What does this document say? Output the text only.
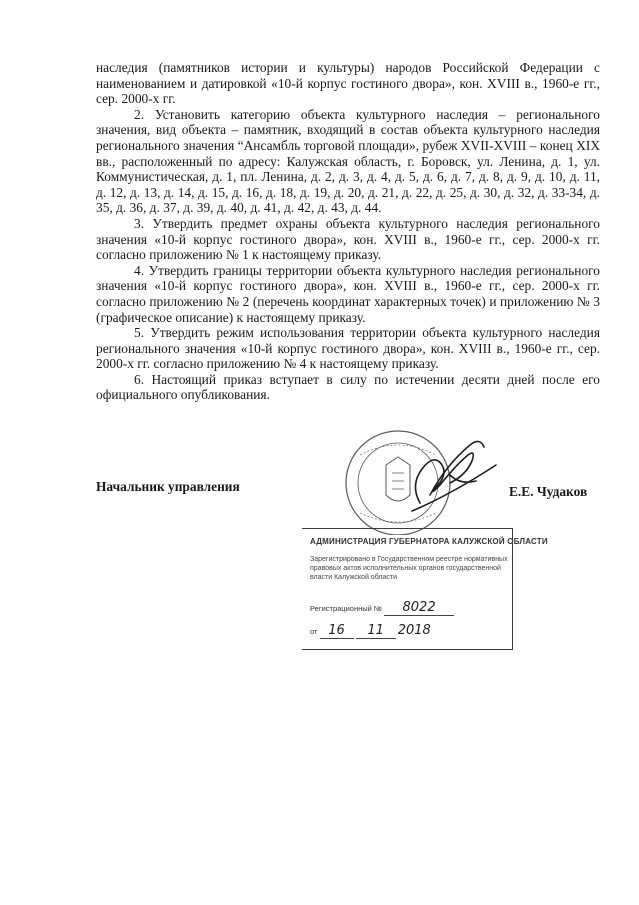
наследия (памятников истории и культуры) народов Российской Федерации с наименованием и датировкой «10-й корпус гостиного двора», кон. XVIII в., 1960-е гг., сер. 2000-х гг.

2. Установить категорию объекта культурного наследия – регионального значения, вид объекта – памятник, входящий в состав объекта культурного наследия регионального значения “Ансамбль торговой площади», рубеж XVII-XVIII – конец XIX вв., расположенный по адресу: Калужская область, г. Боровск, ул. Ленина, д. 1, ул. Коммунистическая, д. 1, пл. Ленина, д. 2, д. 3, д. 4, д. 5, д. 6, д. 7, д. 8, д. 9, д. 10, д. 11, д. 12, д. 13, д. 14, д. 15, д. 16, д. 18, д. 19, д. 20, д. 21, д. 22, д. 25, д. 30, д. 32, д. 33-34, д. 35, д. 36, д. 37, д. 39, д. 40, д. 41, д. 42, д. 43, д. 44.

3. Утвердить предмет охраны объекта культурного наследия регионального значения «10-й корпус гостиного двора», кон. XVIII в., 1960-е гг., сер. 2000-х гг. согласно приложению № 1 к настоящему приказу.

4. Утвердить границы территории объекта культурного наследия регионального значения «10-й корпус гостиного двора», кон. XVIII в., 1960-е гг., сер. 2000-х гг. согласно приложению № 2 (перечень координат характерных точек) и приложению № 3 (графическое описание) к настоящему приказу.

5. Утвердить режим использования территории объекта культурного наследия регионального значения «10-й корпус гостиного двора», кон. XVIII в., 1960-е гг., сер. 2000-х гг. согласно приложению № 4 к настоящему приказу.

6. Настоящий приказ вступает в силу по истечении десяти дней после его официального опубликования.

Начальник управления	Е.Е. Чудаков
АДМИНИСТРАЦИЯ ГУБЕРНАТОРА КАЛУЖСКОЙ ОБЛАСТИ
Зарегистрировано в Государственном реестре нормативных правовых актов исполнительных органов государственной власти Калужской области
Регистрационный № 8022
от 16 11 2018
